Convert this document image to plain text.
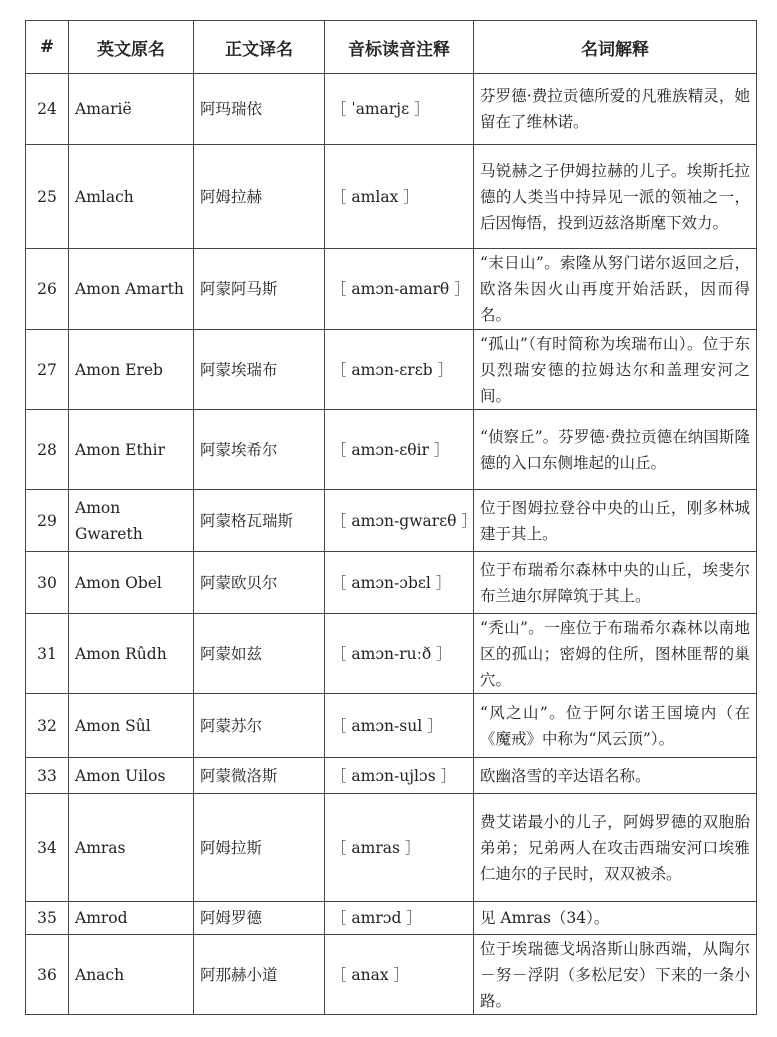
#	英文原名	正文译名	音标读音注释	名词解释
24	Amariё	阿玛瑞依	［ ˈamarjɛ ］	芬罗德·费拉贡德所爱的凡雅族精灵，她留在了维林诺。
25	Amlach	阿姆拉赫	［ amlax ］	马锐赫之子伊姆拉赫的儿子。埃斯托拉德的人类当中持异见一派的领袖之一，后因悔悟，投到迈兹洛斯麾下效力。
26	Amon Amarth	阿蒙阿马斯	［ amɔn-amarθ ］	“末日山”。索隆从努门诺尔返回之后，欧洛朱因火山再度开始活跃，因而得名。
27	Amon Ereb	阿蒙埃瑞布	［ amɔn-ɛrɛb ］	“孤山”（有时简称为埃瑞布山）。位于东贝烈瑞安德的拉姆达尔和盖理安河之间。
28	Amon Ethir	阿蒙埃希尔	［ amɔn-ɛθir ］	“侦察丘”。芬罗德·费拉贡德在纳国斯隆德的入口东侧堆起的山丘。
29	Amon Gwareth	阿蒙格瓦瑞斯	［ amɔn-gwarɛθ ］	位于图姆拉登谷中央的山丘，刚多林城建于其上。
30	Amon Obel	阿蒙欧贝尔	［ amɔn-ɔbɛl ］	位于布瑞希尔森林中央的山丘，埃斐尔布兰迪尔屏障筑于其上。
31	Amon Rûdh	阿蒙如兹	［ amɔn-ruːð ］	“秃山”。一座位于布瑞希尔森林以南地区的孤山；密姆的住所，图林匪帮的巢穴。
32	Amon Sûl	阿蒙苏尔	［ amɔn-sul ］	“风之山”。位于阿尔诺王国境内（在《魔戒》中称为“风云顶”）。
33	Amon Uilos	阿蒙微洛斯	［ amɔn-ujlɔs ］	欧幽洛雪的辛达语名称。
34	Amras	阿姆拉斯	［ amras ］	费艾诺最小的儿子，阿姆罗德的双胞胎弟弟；兄弟两人在攻击西瑞安河口埃雅仁迪尔的子民时，双双被杀。
35	Amrod	阿姆罗德	［ amrɔd ］	见 Amras（34）。
36	Anach	阿那赫小道	［ anax ］	位于埃瑞德戈埚洛斯山脉西端，从陶尔－努－浮阴（多松尼安）下来的一条小路。
